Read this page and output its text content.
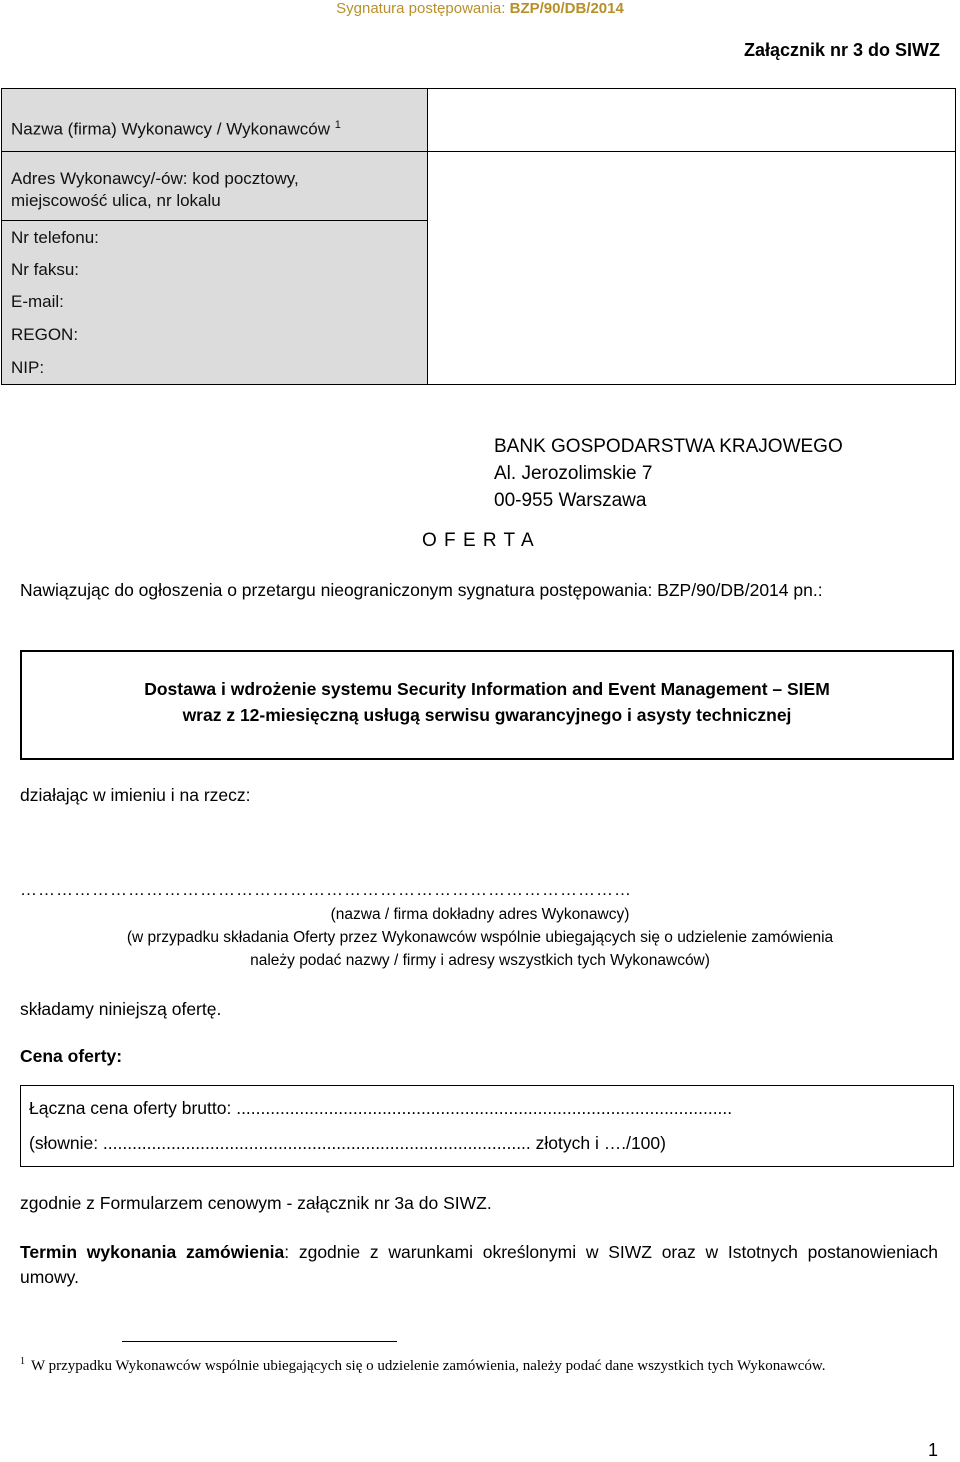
Sygnatura postępowania: BZP/90/DB/2014
Załącznik nr 3 do SIWZ
Nazwa (firma) Wykonawcy / Wykonawców $^1$
Adres Wykonawcy/-ów: kod pocztowy,
miejscowość ulica, nr lokalu
Nr telefonu:
Nr faksu:
E-mail:
REGON:
NIP:
BANK GOSPODARSTWA KRAJOWEGO
Al. Jerozolimskie 7
00-955 Warszawa
O F E R T A
Nawiązując do ogłoszenia o przetargu nieograniczonym sygnatura postępowania: BZP/90/DB/2014 pn.:
Dostawa i wdrożenie systemu Security Information and Event Management – SIEM
wraz z 12-miesięczną usługą serwisu gwarancyjnego i asysty technicznej
działając w imieniu i na rzecz:
…………………………………………………………………………………………
(nazwa / firma dokładny adres Wykonawcy)
(w przypadku składania Oferty przez Wykonawców wspólnie ubiegających się o udzielenie zamówienia
należy podać nazwy / firmy i adresy wszystkich tych Wykonawców)
składamy niniejszą ofertę.
Cena oferty:
Łączna cena oferty brutto: ......................................................................................................
(słownie: ........................................................................................ złotych i …./100)
zgodnie z Formularzem cenowym - załącznik nr 3a do SIWZ.
Termin wykonania zamówienia: zgodnie z warunkami określonymi w SIWZ oraz w Istotnych postanowieniach umowy.
$^1$ W przypadku Wykonawców wspólnie ubiegających się o udzielenie zamówienia, należy podać dane wszystkich tych Wykonawców.
1
